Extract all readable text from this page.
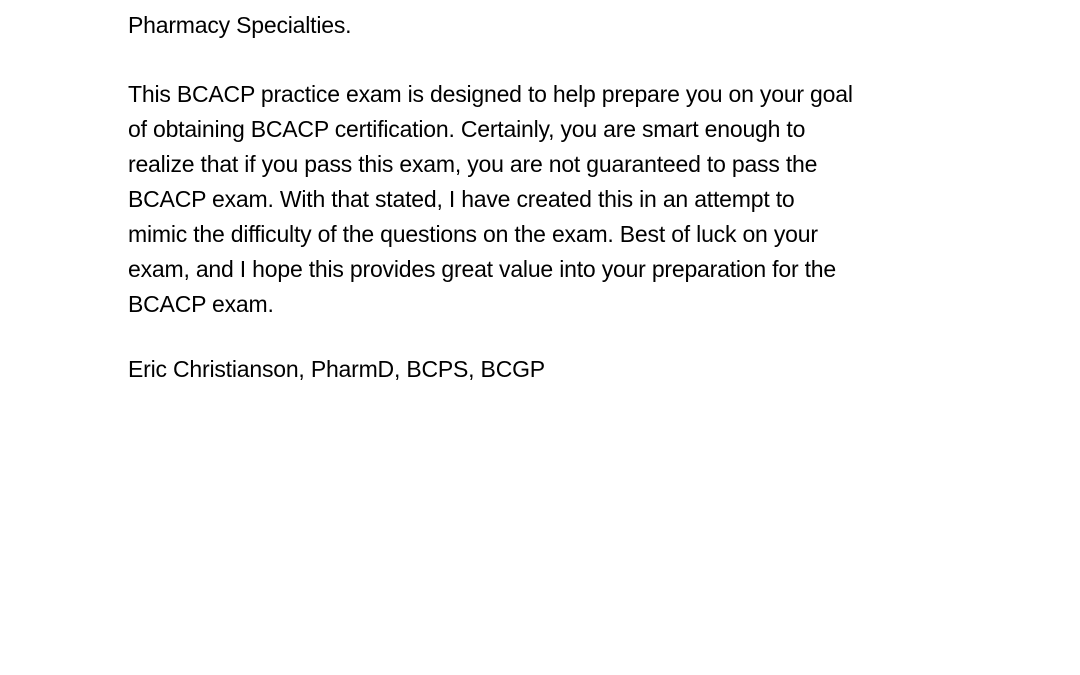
Pharmacy Specialties.
This BCACP practice exam is designed to help prepare you on your goal
of obtaining BCACP certification. Certainly, you are smart enough to
realize that if you pass this exam, you are not guaranteed to pass the
BCACP exam. With that stated, I have created this in an attempt to
mimic the difficulty of the questions on the exam. Best of luck on your
exam, and I hope this provides great value into your preparation for the
BCACP exam.
Eric Christianson, PharmD, BCPS, BCGP
